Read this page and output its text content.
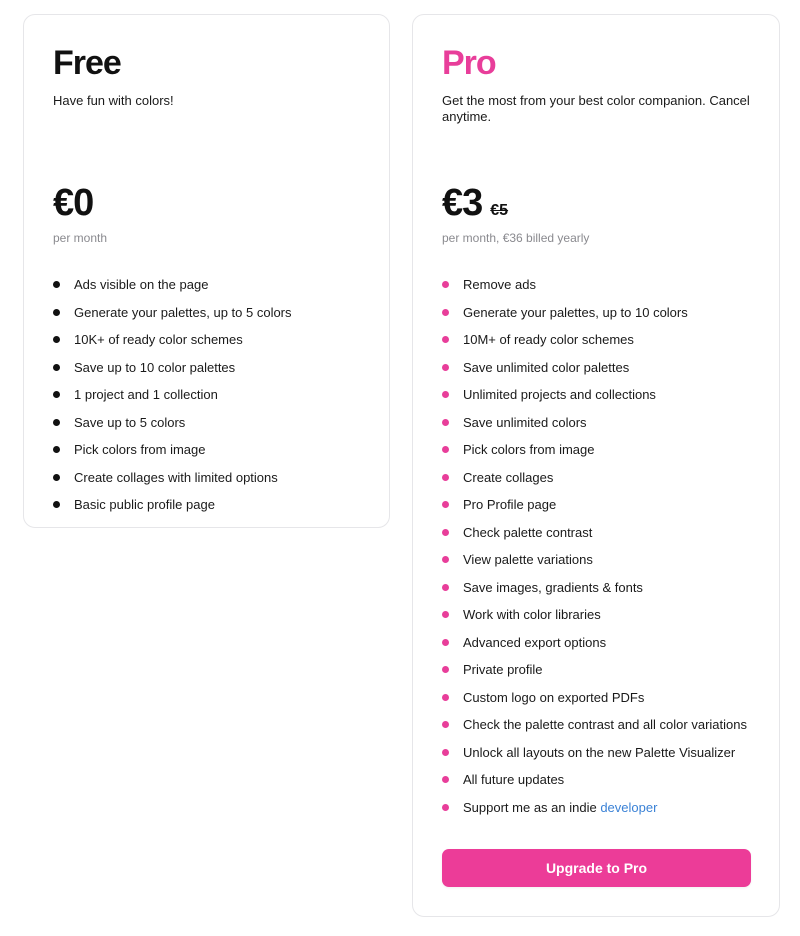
Free
Have fun with colors!
€0
per month
Ads visible on the page
Generate your palettes, up to 5 colors
10K+ of ready color schemes
Save up to 10 color palettes
1 project and 1 collection
Save up to 5 colors
Pick colors from image
Create collages with limited options
Basic public profile page
Pro
Get the most from your best color companion. Cancel anytime.
€3 €5
per month, €36 billed yearly
Remove ads
Generate your palettes, up to 10 colors
10M+ of ready color schemes
Save unlimited color palettes
Unlimited projects and collections
Save unlimited colors
Pick colors from image
Create collages
Pro Profile page
Check palette contrast
View palette variations
Save images, gradients & fonts
Work with color libraries
Advanced export options
Private profile
Custom logo on exported PDFs
Check the palette contrast and all color variations
Unlock all layouts on the new Palette Visualizer
All future updates
Support me as an indie developer
Upgrade to Pro
